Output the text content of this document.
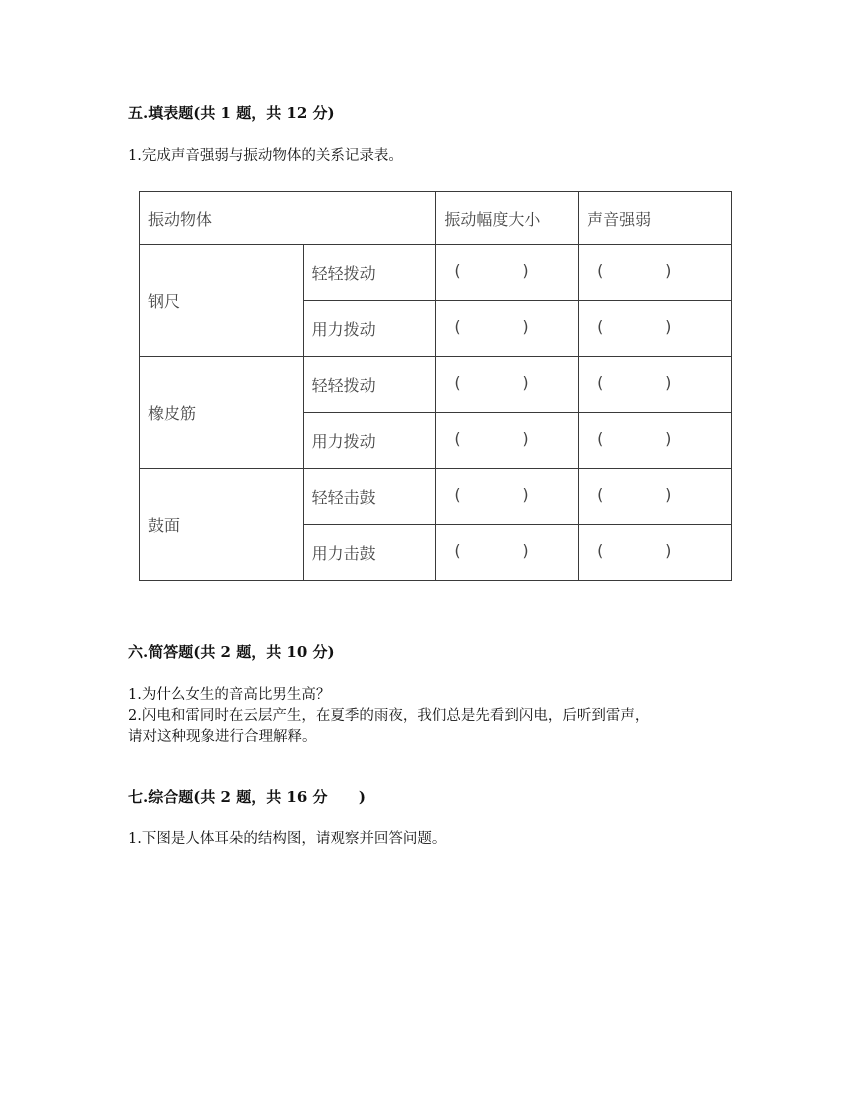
五.填表题(共 1 题，共 12 分)
1.完成声音强弱与振动物体的关系记录表。
振动物体		振动幅度大小	声音强弱
钢尺	轻轻拨动	( )	( )

	用力拨动	( )	( )

橡皮筋	轻轻拨动	( )	( )

	用力拨动	( )	( )

鼓面	轻轻击鼓	( )	( )

	用力击鼓	( )	( )
六.简答题(共 2 题，共 10 分)
1.为什么女生的音高比男生高？
2.闪电和雷同时在云层产生，在夏季的雨夜，我们总是先看到闪电，后听到雷声，
请对这种现象进行合理解释。
七.综合题(共 2 题，共 16 分      )
1.下图是人体耳朵的结构图，请观察并回答问题。
